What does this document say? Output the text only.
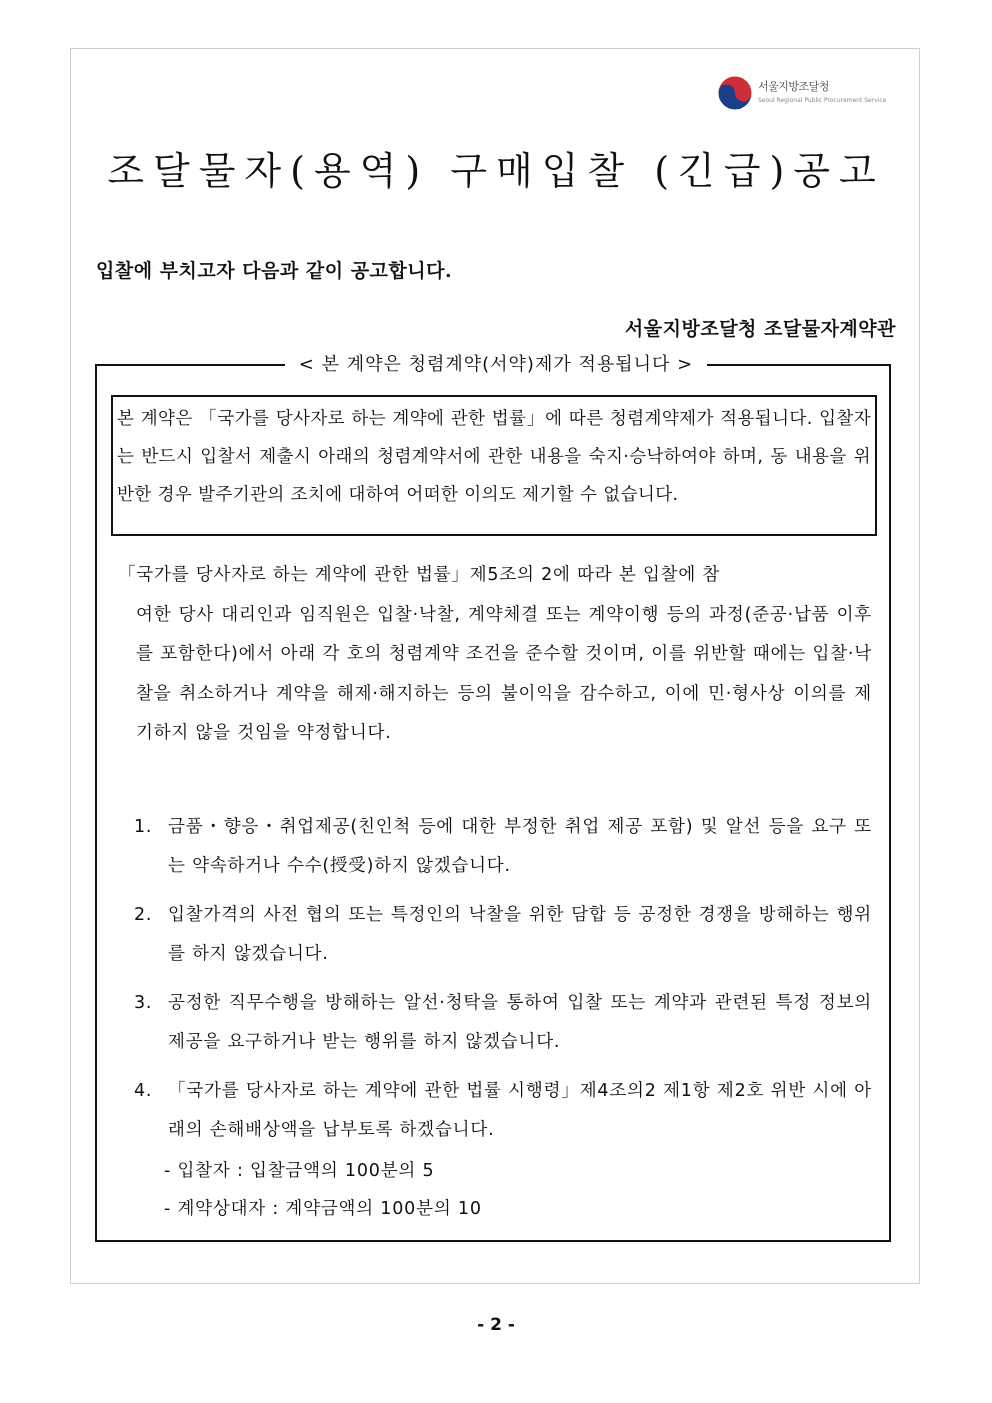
서울지방조달청
Seoul Regional Public Procurement Service
조달물자(용역) 구매입찰 (긴급)공고
입찰에 부치고자 다음과 같이 공고합니다.
서울지방조달청 조달물자계약관
< 본 계약은 청렴계약(서약)제가 적용됩니다 >
본 계약은 「국가를 당사자로 하는 계약에 관한 법률」에 따른 청렴계약제가 적용됩니다. 입찰자는 반드시 입찰서 제출시 아래의 청렴계약서에 관한 내용을 숙지·승낙하여야 하며, 동 내용을 위반한 경우 발주기관의 조치에 대하여 어떠한 이의도 제기할 수 없습니다.
「국가를 당사자로 하는 계약에 관한 법률」제5조의 2에 따라 본 입찰에 참
여한 당사 대리인과 임직원은 입찰·낙찰, 계약체결 또는 계약이행 등의 과정(준공·납품 이후를 포함한다)에서 아래 각 호의 청렴계약 조건을 준수할 것이며, 이를 위반할 때에는 입찰·낙찰을 취소하거나 계약을 해제·해지하는 등의 불이익을 감수하고, 이에 민·형사상 이의를 제기하지 않을 것임을 약정합니다.
1. 금품・향응・취업제공(친인척 등에 대한 부정한 취업 제공 포함) 및 알선 등을 요구 또는 약속하거나 수수(授受)하지 않겠습니다.
2. 입찰가격의 사전 협의 또는 특정인의 낙찰을 위한 담합 등 공정한 경쟁을 방해하는 행위를 하지 않겠습니다.
3. 공정한 직무수행을 방해하는 알선·청탁을 통하여 입찰 또는 계약과 관련된 특정 정보의 제공을 요구하거나 받는 행위를 하지 않겠습니다.
4. 「국가를 당사자로 하는 계약에 관한 법률 시행령」제4조의2 제1항 제2호 위반 시에 아래의 손해배상액을 납부토록 하겠습니다.
- 입찰자 : 입찰금액의 100분의 5
- 계약상대자 : 계약금액의 100분의 10
- 2 -
